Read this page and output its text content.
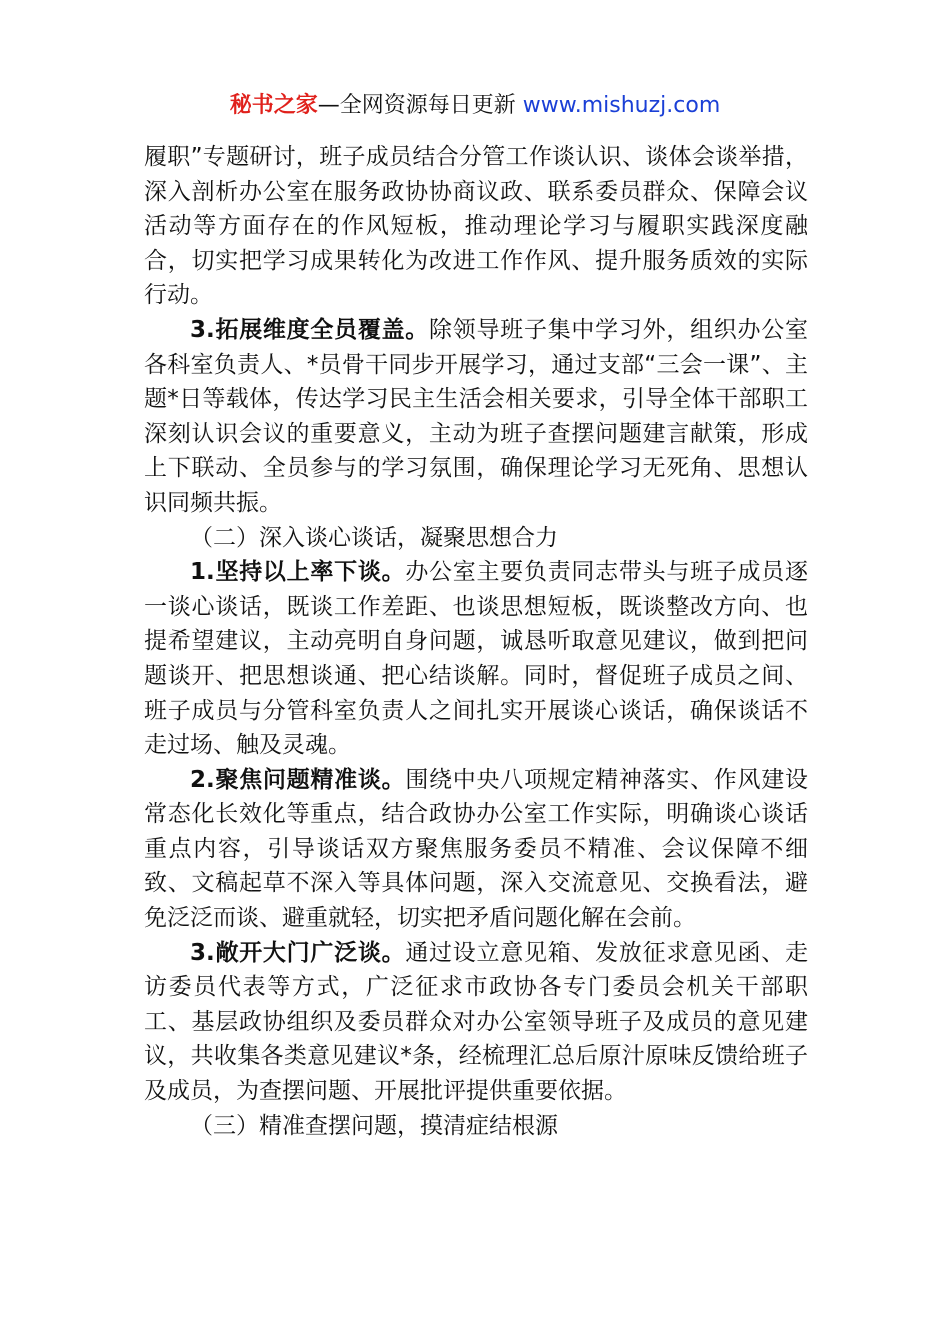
秘书之家—全网资源每日更新 www.mishuzj.com

履职”专题研讨，班子成员结合分管工作谈认识、谈体会谈举措，深入剖析办公室在服务政协协商议政、联系委员群众、保障会议活动等方面存在的作风短板，推动理论学习与履职实践深度融合，切实把学习成果转化为改进工作作风、提升服务质效的实际行动。

3.拓展维度全员覆盖。除领导班子集中学习外，组织办公室各科室负责人、*员骨干同步开展学习，通过支部“三会一课”、主题*日等载体，传达学习民主生活会相关要求，引导全体干部职工深刻认识会议的重要意义，主动为班子查摆问题建言献策，形成上下联动、全员参与的学习氛围，确保理论学习无死角、思想认识同频共振。

（二）深入谈心谈话，凝聚思想合力

1.坚持以上率下谈。办公室主要负责同志带头与班子成员逐一谈心谈话，既谈工作差距、也谈思想短板，既谈整改方向、也提希望建议，主动亮明自身问题，诚恳听取意见建议，做到把问题谈开、把思想谈通、把心结谈解。同时，督促班子成员之间、班子成员与分管科室负责人之间扎实开展谈心谈话，确保谈话不走过场、触及灵魂。

2.聚焦问题精准谈。围绕中央八项规定精神落实、作风建设常态化长效化等重点，结合政协办公室工作实际，明确谈心谈话重点内容，引导谈话双方聚焦服务委员不精准、会议保障不细致、文稿起草不深入等具体问题，深入交流意见、交换看法，避免泛泛而谈、避重就轻，切实把矛盾问题化解在会前。

3.敞开大门广泛谈。通过设立意见箱、发放征求意见函、走访委员代表等方式，广泛征求市政协各专门委员会机关干部职工、基层政协组织及委员群众对办公室领导班子及成员的意见建议，共收集各类意见建议*条，经梳理汇总后原汁原味反馈给班子及成员，为查摆问题、开展批评提供重要依据。

（三）精准查摆问题，摸清症结根源
